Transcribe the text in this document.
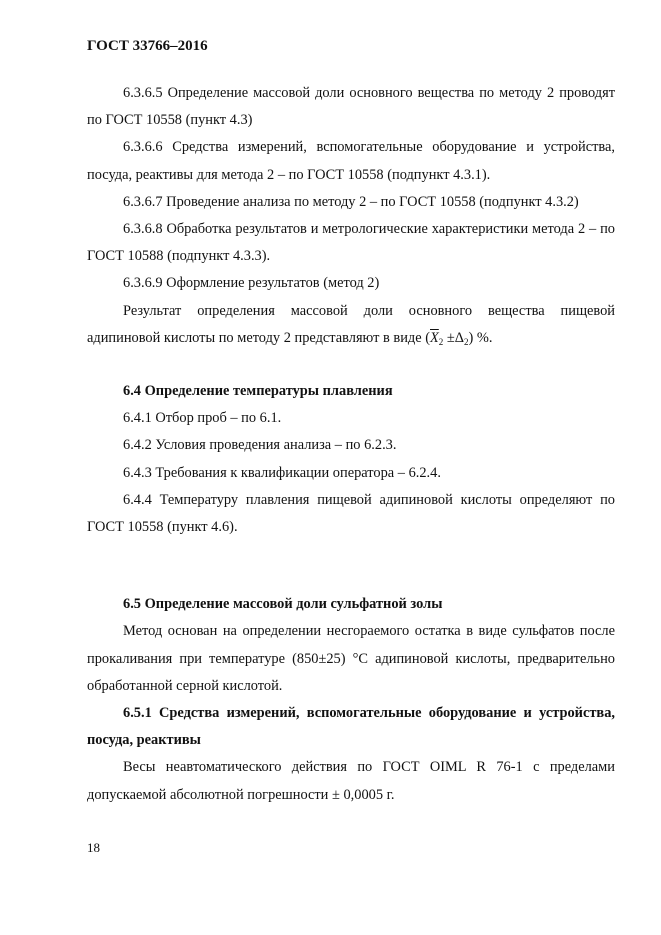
ГОСТ 33766–2016

6.3.6.5 Определение массовой доли основного вещества по методу 2 проводят по ГОСТ 10558 (пункт 4.3)

6.3.6.6 Средства измерений, вспомогательные оборудование и устройства, посуда, реактивы для метода 2 – по ГОСТ 10558 (подпункт 4.3.1).

6.3.6.7 Проведение анализа по методу 2 – по ГОСТ 10558 (подпункт 4.3.2)

6.3.6.8 Обработка результатов и метрологические характеристики метода 2 – по ГОСТ 10588 (подпункт 4.3.3).

6.3.6.9 Оформление результатов (метод 2)

Результат определения массовой доли основного вещества пищевой адипиновой кислоты по методу 2 представляют в виде $(\overline{X}_2 \pm\Delta_2)$ %.

6.4 Определение температуры плавления

6.4.1 Отбор проб – по 6.1.

6.4.2 Условия проведения анализа – по 6.2.3.

6.4.3 Требования к квалификации оператора – 6.2.4.

6.4.4 Температуру плавления пищевой адипиновой кислоты определяют по ГОСТ 10558 (пункт 4.6).

6.5 Определение массовой доли сульфатной золы

Метод основан на определении несгораемого остатка в виде сульфатов после прокаливания при температуре (850±25) °С адипиновой кислоты, предварительно обработанной серной кислотой.

6.5.1 Средства измерений, вспомогательные оборудование и устройства, посуда, реактивы

Весы неавтоматического действия по ГОСТ OIML R 76-1 с пределами допускаемой абсолютной погрешности ± 0,0005 г.

18
